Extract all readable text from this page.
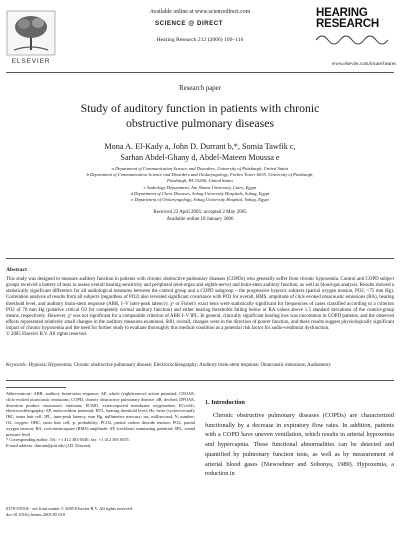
Available online at www.sciencedirect.com
SCIENCE @ DIRECT
Hearing Research 212 (2006) 109–116
ELSEVIER
HEARING
RESEARCH
www.elsevier.com/locate/heares
Research paper
Study of auditory function in patients with chronic
obstructive pulmonary diseases
Mona A. El-Kady a, John D. Durrant b,*, Somia Tawfik c,
Sarhan Abdel-Ghany d, Abdel-Mateen Moussa e
a Department of Communication Science and Disorders, University of Pittsburgh, United States
b Department of Communication Science and Disorders and Otolaryngology, Forbes Tower 6035, University of Pittsburgh,
Pittsburgh, PA 15260, United States
c Audiology Department, Ain Shams University, Cairo, Egypt
d Department of Chest Diseases, Sohag University Hospitals, Sohag, Egypt
e Department of Otolaryngology, Sohag University Hospital, Sohag, Egypt
Received 23 April 2005; accepted 2 May 2005
Available online 18 January 2006
Abstract
This study was designed to measure auditory function in patients with chronic obstructive pulmonary diseases (COPDs) who generally suffer from chronic hypoxemia. Control and COPD subject groups received a battery of tests to assess overall hearing sensitivity and peripheral (end-organ and eighth-nerve) and brain-stem auditory function, as well as blood-gas analysis. Results showed a statistically significant difference for all audiological measures between the control group and a COPD subgroup – the progressive hypoxic subjects (partial oxygen tension, PO2, <75 mm Hg). Correlation analysis of results from all subjects (regardless of PO2) also revealed significant covariance with PO2 for overall, RMS, amplitude of click-evoked otoacoustic emissions (RA), hearing threshold level, and auditory brain-stem response (ABR, I–V inter-peak latency). χ² or Fisher's exact tests were statistically significant for frequencies of cases classified according to a criterion PO2 of 70 mm Hg (putative critical O2 for completely normal auditory function) and either hearing thresholds falling below or RA values above 1.5 standard deviations of the control-group means, respectively. However, χ² was not significant for a comparable criterion of ABR I–V IPL. In general, clinically significant hearing loss was uncommon in COPD patients, and the observed effects represented relatively small changes in the auditory measures examined. Still, overall, changes were in the direction of poorer function, and these results suggest physiologically significant impact of chronic hypoxemia and the need for further study to evaluate thoroughly this medical condition as a potential risk factor for audio-vestibular dysfunction.
© 2005 Elsevier B.V. All rights reserved.
Keywords: Hypoxia; Hypoxemia; Chronic obstructive pulmonary disease; Electrocochleography; Auditory brain-stem response; Otoacoustic emissions; Audiometry
Abbreviations: ABR, auditory brain-stem response; AP, whole (eighth-nerve) action potential; CEOAE, click-evoked otoacoustic emissions; COPD, chronic obstructive pulmonary disease; dB, decibel; DPOAE, distortion product otoacoustic emission; ECMO, extracorporeal membrane oxygenation; ECochG, electrocochleography; EP, endocochlear potential; HTL, hearing threshold level; Hz, hertz (cycles/second); IHC, inner hair cell; IPL, inter-peak latency; mm Hg, millimeters mercury; ms, millisecond; N, number; O2, oxygen; OHC, outer hair cell; p, probability; PCO2, partial carbon dioxide tension; PO2, partial oxygen tension; RA, root-mean-square (RMS) amplitude; SP, (cochlear) summating potential; SPL, sound pressure level
* Corresponding author. Tel.: +1 412 383 6546; fax: +1 412 383 6555.
E-mail address: durrant@pitt.edu (J.D. Durrant).
0378-5955/$ - see front matter © 2005 Elsevier B.V. All rights reserved.
doi:10.1016/j.heares.2005.05.018
1. Introduction
Chronic obstructive pulmonary diseases (COPDs) are characterized functionally by a decrease in expiratory flow rates. In addition, patients with a COPD have uneven ventilation, which results in arterial hypoxemia and hypercapnia. These functional abnormalities can be detected and quantified by pulmonary function tests, as well as by measurement of arterial blood gases (Niewoehner and Sobonya, 1989). Hypoxemia, a reduction in
